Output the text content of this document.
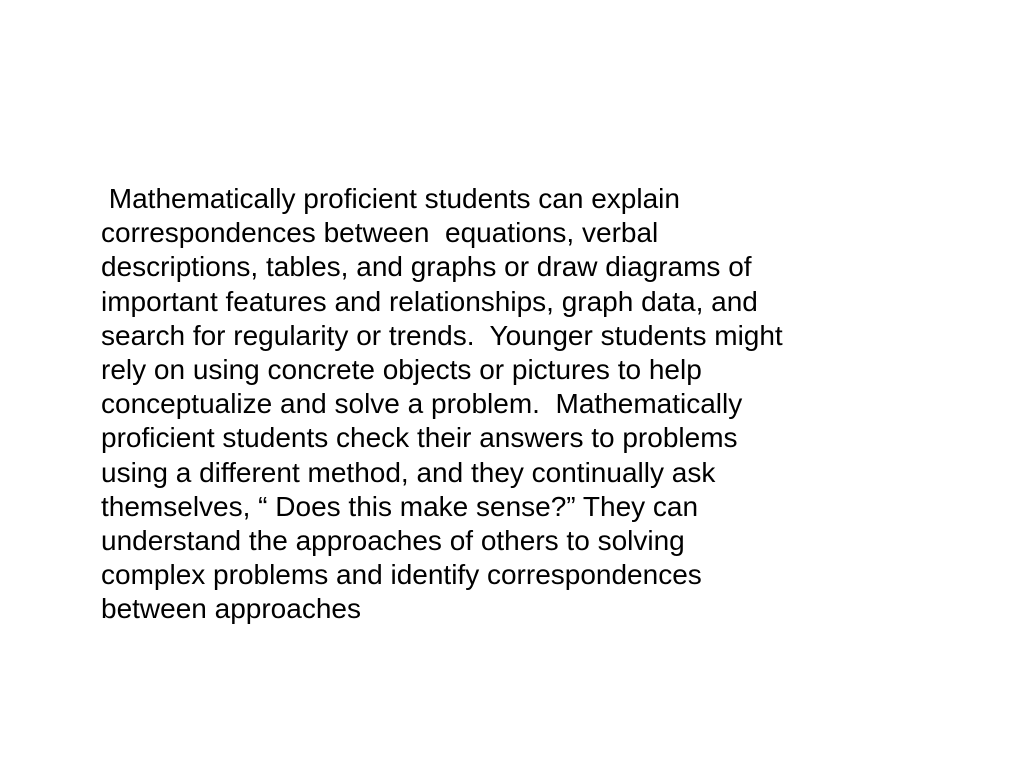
Mathematically proficient students can explain
correspondences between  equations, verbal
descriptions, tables, and graphs or draw diagrams of
important features and relationships, graph data, and
search for regularity or trends.  Younger students might
rely on using concrete objects or pictures to help
conceptualize and solve a problem.  Mathematically
proficient students check their answers to problems
using a different method, and they continually ask
themselves, “ Does this make sense?” They can
understand the approaches of others to solving
complex problems and identify correspondences
between approaches
